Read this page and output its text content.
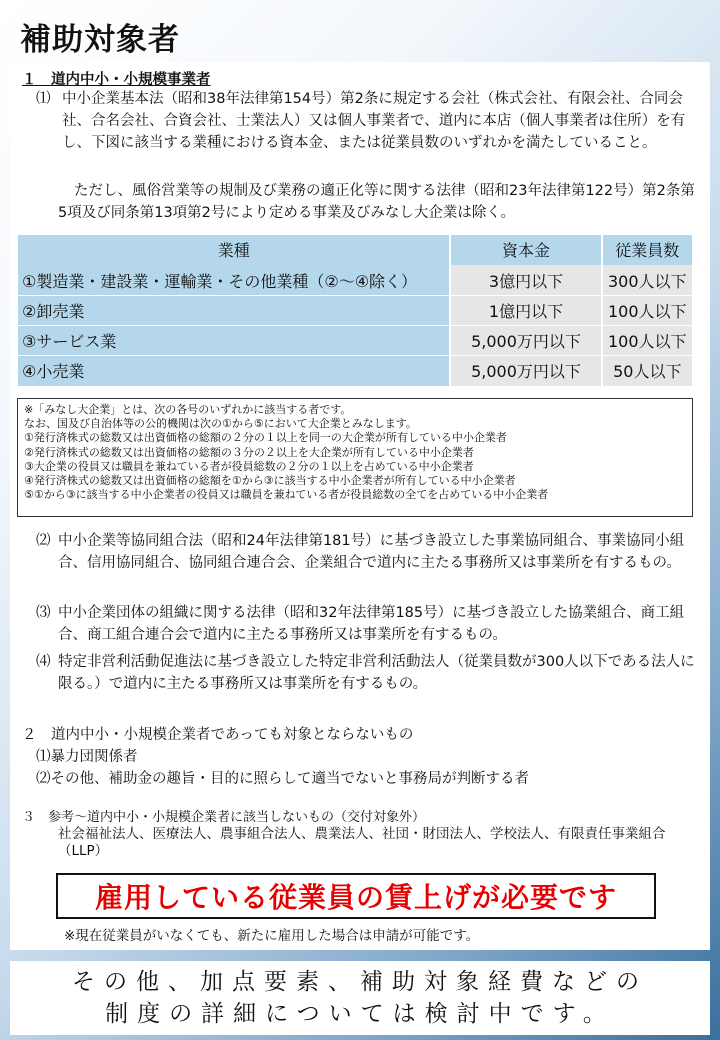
補助対象者
１　道内中小・小規模事業者
⑴ 中小企業基本法（昭和38年法律第154号）第2条に規定する会社（株式会社、有限会社、合同会社、合名会社、合資会社、士業法人）又は個人事業者で、道内に本店（個人事業者は住所）を有し、下図に該当する業種における資本金、または従業員数のいずれかを満たしていること。
ただし、風俗営業等の規制及び業務の適正化等に関する法律（昭和23年法律第122号）第2条第5項及び同条第13項第2号により定める事業及びみなし大企業は除く。
業種	資本金	従業員数
①製造業・建設業・運輸業・その他業種（②～④除く）	3億円以下	300人以下
②卸売業	1億円以下	100人以下
③サービス業	5,000万円以下	100人以下
④小売業	5,000万円以下	50人以下
※「みなし大企業」とは、次の各号のいずれかに該当する者です。
なお、国及び自治体等の公的機関は次の①から⑤において大企業とみなします。
①発行済株式の総数又は出資価格の総額の２分の１以上を同一の大企業が所有している中小企業者
②発行済株式の総数又は出資価格の総額の３分の２以上を大企業が所有している中小企業者
③大企業の役員又は職員を兼ねている者が役員総数の２分の１以上を占めている中小企業者
④発行済株式の総数又は出資価格の総額を①から③に該当する中小企業者が所有している中小企業者
⑤①から③に該当する中小企業者の役員又は職員を兼ねている者が役員総数の全てを占めている中小企業者
⑵ 中小企業等協同組合法（昭和24年法律第181号）に基づき設立した事業協同組合、事業協同小組合、信用協同組合、協同組合連合会、企業組合で道内に主たる事務所又は事業所を有するもの。
⑶ 中小企業団体の組織に関する法律（昭和32年法律第185号）に基づき設立した協業組合、商工組合、商工組合連合会で道内に主たる事務所又は事業所を有するもの。
⑷ 特定非営利活動促進法に基づき設立した特定非営利活動法人（従業員数が300人以下である法人に限る。）で道内に主たる事務所又は事業所を有するもの。
２　道内中小・小規模企業者であっても対象とならないもの
⑴暴力団関係者
⑵その他、補助金の趣旨・目的に照らして適当でないと事務局が判断する者
３　参考～道内中小・小規模企業者に該当しないもの（交付対象外）
社会福祉法人、医療法人、農事組合法人、農業法人、社団・財団法人、学校法人、有限責任事業組合（LLP）
雇用している従業員の賃上げが必要です
※現在従業員がいなくても、新たに雇用した場合は申請が可能です。
その他、加点要素、補助対象経費などの
制度の詳細については検討中です。
